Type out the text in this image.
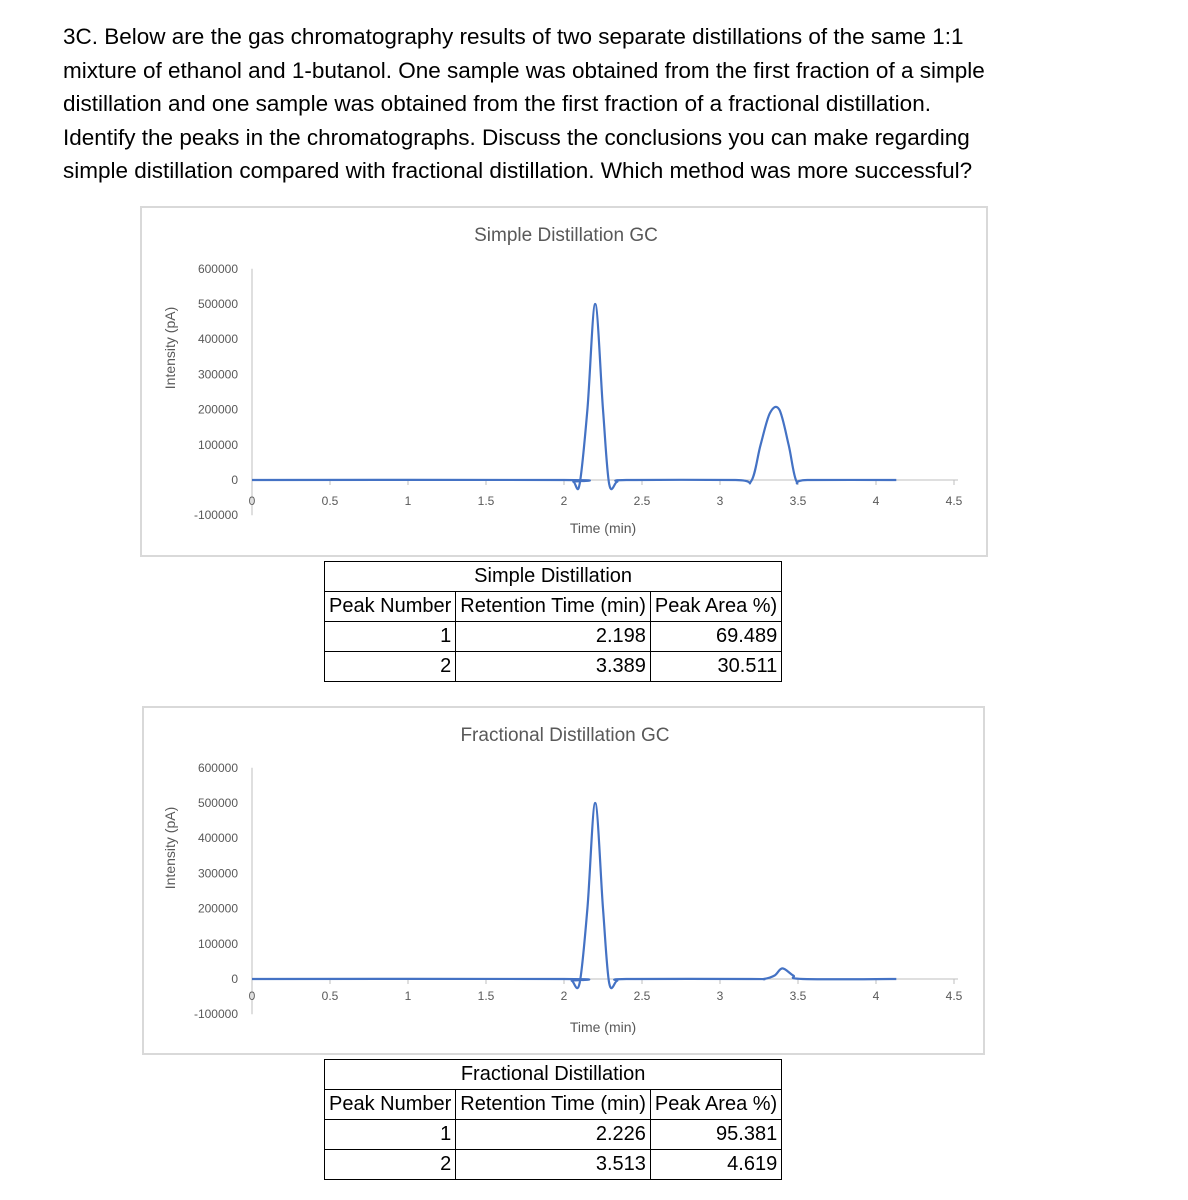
3C. Below are the gas chromatography results of two separate distillations of the same 1:1
mixture of ethanol and 1-butanol. One sample was obtained from the first fraction of a simple
distillation and one sample was obtained from the first fraction of a fractional distillation.
Identify the peaks in the chromatographs. Discuss the conclusions you can make regarding
simple distillation compared with fractional distillation. Which method was more successful?
Simple Distillation GC
600000
500000
400000
300000
200000
100000
0
-100000
0	0.5	1	1.5	2	2.5	3	3.5	4	4.5
Time (min)
Intensity (pA)
Simple Distillation		
Peak Number	Retention Time (min)	Peak Area %)
1	2.198	69.489
2	3.389	30.511
Fractional Distillation GC
600000
500000
400000
300000
200000
100000
0
-100000
0	0.5	1	1.5	2	2.5	3	3.5	4	4.5
Time (min)
Intensity (pA)
Fractional Distillation		
Peak Number	Retention Time (min)	Peak Area %)
1	2.226	95.381
2	3.513	4.619
